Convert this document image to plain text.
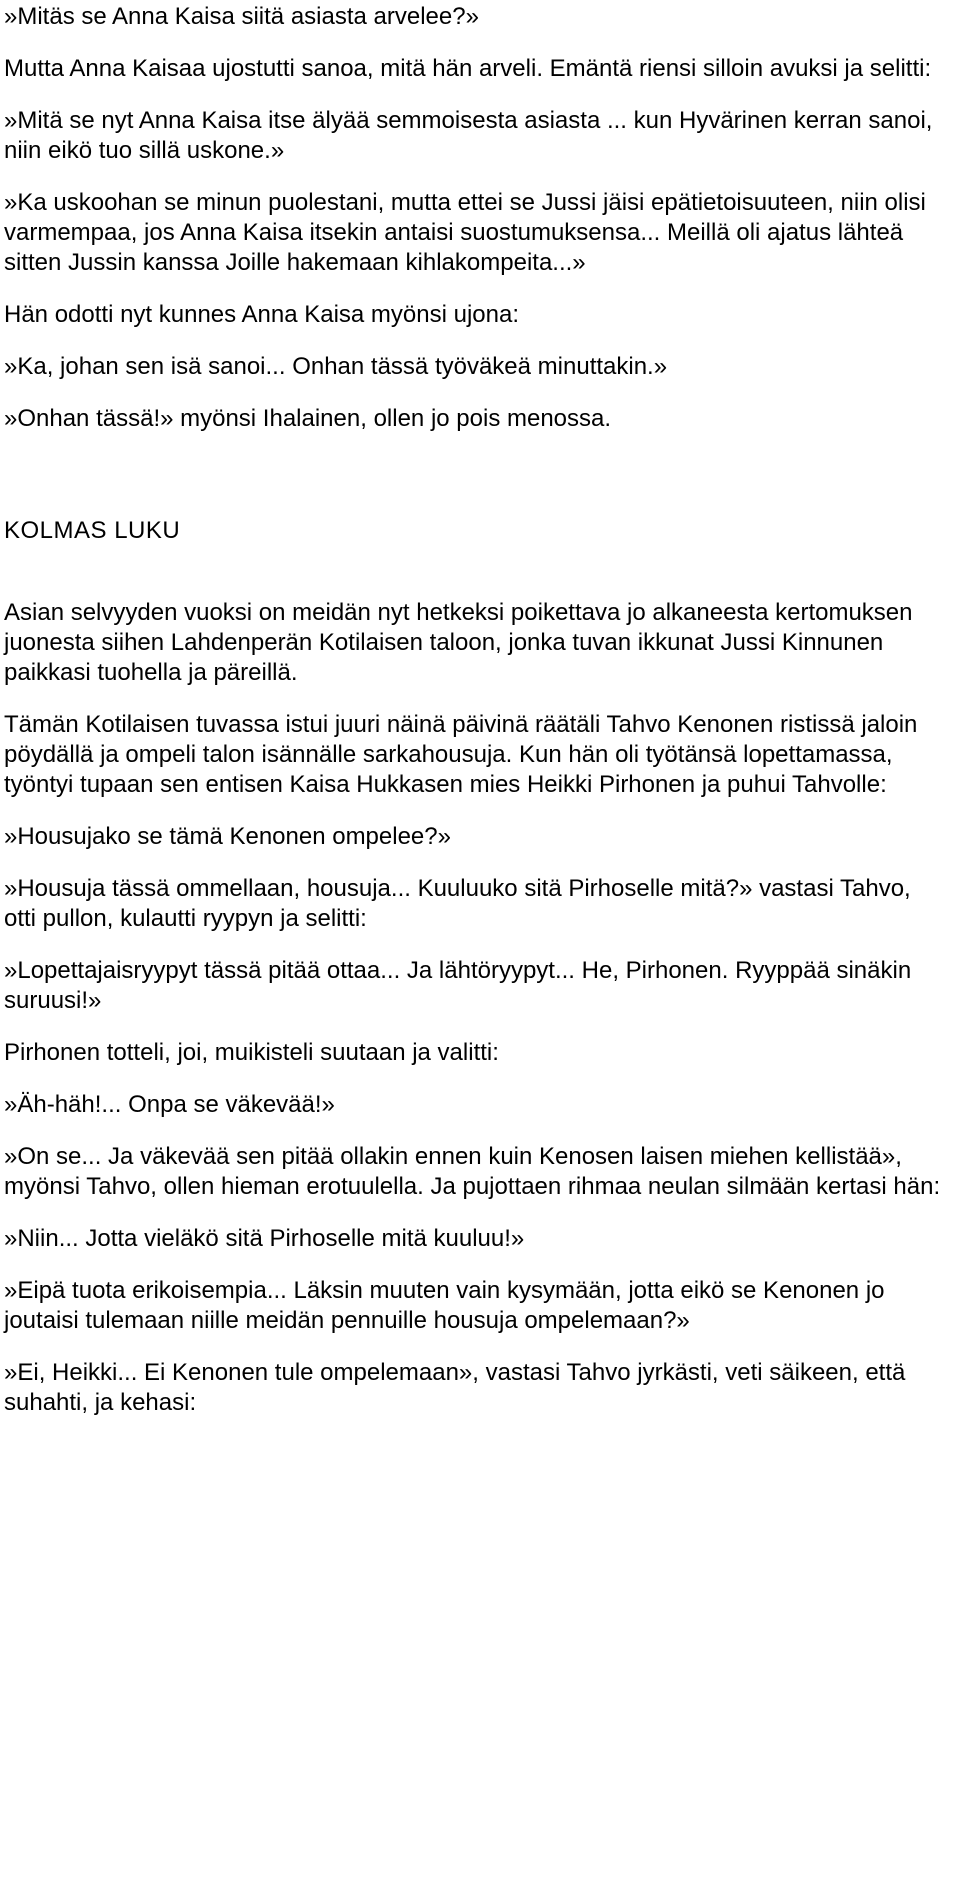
»Mitäs se Anna Kaisa siitä asiasta arvelee?»

Mutta Anna Kaisaa ujostutti sanoa, mitä hän arveli. Emäntä riensi silloin avuksi ja selitti:

»Mitä se nyt Anna Kaisa itse älyää semmoisesta asiasta ... kun Hyvärinen kerran sanoi, niin eikö tuo sillä uskone.»

»Ka uskoohan se minun puolestani, mutta ettei se Jussi jäisi epätietoisuuteen, niin olisi varmempaa, jos Anna Kaisa itsekin antaisi suostumuksensa... Meillä oli ajatus lähteä sitten Jussin kanssa Joille hakemaan kihlakompeita...»

Hän odotti nyt kunnes Anna Kaisa myönsi ujona:

»Ka, johan sen isä sanoi... Onhan tässä työväkeä minuttakin.»

»Onhan tässä!» myönsi Ihalainen, ollen jo pois menossa.

KOLMAS LUKU

Asian selvyyden vuoksi on meidän nyt hetkeksi poikettava jo alkaneesta kertomuksen juonesta siihen Lahdenperän Kotilaisen taloon, jonka tuvan ikkunat Jussi Kinnunen paikkasi tuohella ja päreillä.

Tämän Kotilaisen tuvassa istui juuri näinä päivinä räätäli Tahvo Kenonen ristissä jaloin pöydällä ja ompeli talon isännälle sarkahousuja. Kun hän oli työtänsä lopettamassa, työntyi tupaan sen entisen Kaisa Hukkasen mies Heikki Pirhonen ja puhui Tahvolle:

»Housujako se tämä Kenonen ompelee?»

»Housuja tässä ommellaan, housuja... Kuuluuko sitä Pirhoselle mitä?» vastasi Tahvo, otti pullon, kulautti ryypyn ja selitti:

»Lopettajaisryypyt tässä pitää ottaa... Ja lähtöryypyt... He, Pirhonen. Ryyppää sinäkin suruusi!»

Pirhonen totteli, joi, muikisteli suutaan ja valitti:

»Äh-häh!... Onpa se väkevää!»

»On se... Ja väkevää sen pitää ollakin ennen kuin Kenosen laisen miehen kellistää», myönsi Tahvo, ollen hieman erotuulella. Ja pujottaen rihmaa neulan silmään kertasi hän:

»Niin... Jotta vieläkö sitä Pirhoselle mitä kuuluu!»

»Eipä tuota erikoisempia... Läksin muuten vain kysymään, jotta eikö se Kenonen jo joutaisi tulemaan niille meidän pennuille housuja ompelemaan?»

»Ei, Heikki... Ei Kenonen tule ompelemaan», vastasi Tahvo jyrkästi, veti säikeen, että suhahti, ja kehasi:
